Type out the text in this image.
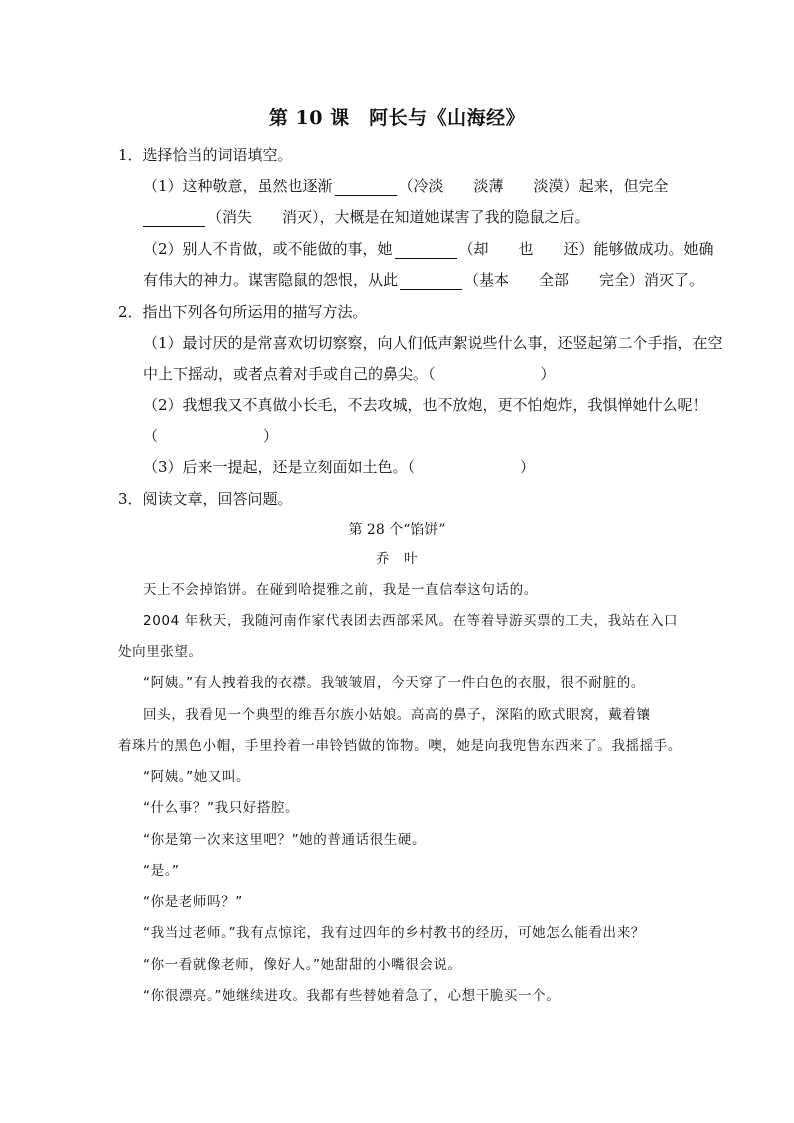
第 10 课　阿长与《山海经》
1．选择恰当的词语填空。
（1）这种敬意，虽然也逐渐	（冷淡　　淡薄　　淡漠）起来，但完全
（消失　　消灭），大概是在知道她谋害了我的隐鼠之后。
（2）别人不肯做，或不能做的事，她	（却　　也　　还）能够做成功。她确
有伟大的神力。谋害隐鼠的怨恨，从此	（基本　　全部　　完全）消灭了。
2．指出下列各句所运用的描写方法。
（1）最讨厌的是常喜欢切切察察，向人们低声絮说些什么事，还竖起第二个手指，在空
中上下摇动，或者点着对手或自己的鼻尖。（　　　　　　　）
（2）我想我又不真做小长毛，不去攻城，也不放炮，更不怕炮炸，我惧惮她什么呢！
（　　　　　　　）
（3）后来一提起，还是立刻面如土色。（　　　　　　　）
3．阅读文章，回答问题。
第 28 个“馅饼”
乔　叶
天上不会掉馅饼。在碰到哈提雅之前，我是一直信奉这句话的。
2004 年秋天，我随河南作家代表团去西部采风。在等着导游买票的工夫，我站在入口
处向里张望。
“阿姨。”有人拽着我的衣襟。我皱皱眉，今天穿了一件白色的衣服，很不耐脏的。
回头，我看见一个典型的维吾尔族小姑娘。高高的鼻子，深陷的欧式眼窝，戴着镶
着珠片的黑色小帽，手里拎着一串铃铛做的饰物。噢，她是向我兜售东西来了。我摇摇手。
“阿姨。”她又叫。
“什么事？”我只好搭腔。
“你是第一次来这里吧？”她的普通话很生硬。
“是。”
“你是老师吗？”
“我当过老师。”我有点惊诧，我有过四年的乡村教书的经历，可她怎么能看出来？
“你一看就像老师，像好人。”她甜甜的小嘴很会说。
“你很漂亮。”她继续进攻。我都有些替她着急了，心想干脆买一个。
